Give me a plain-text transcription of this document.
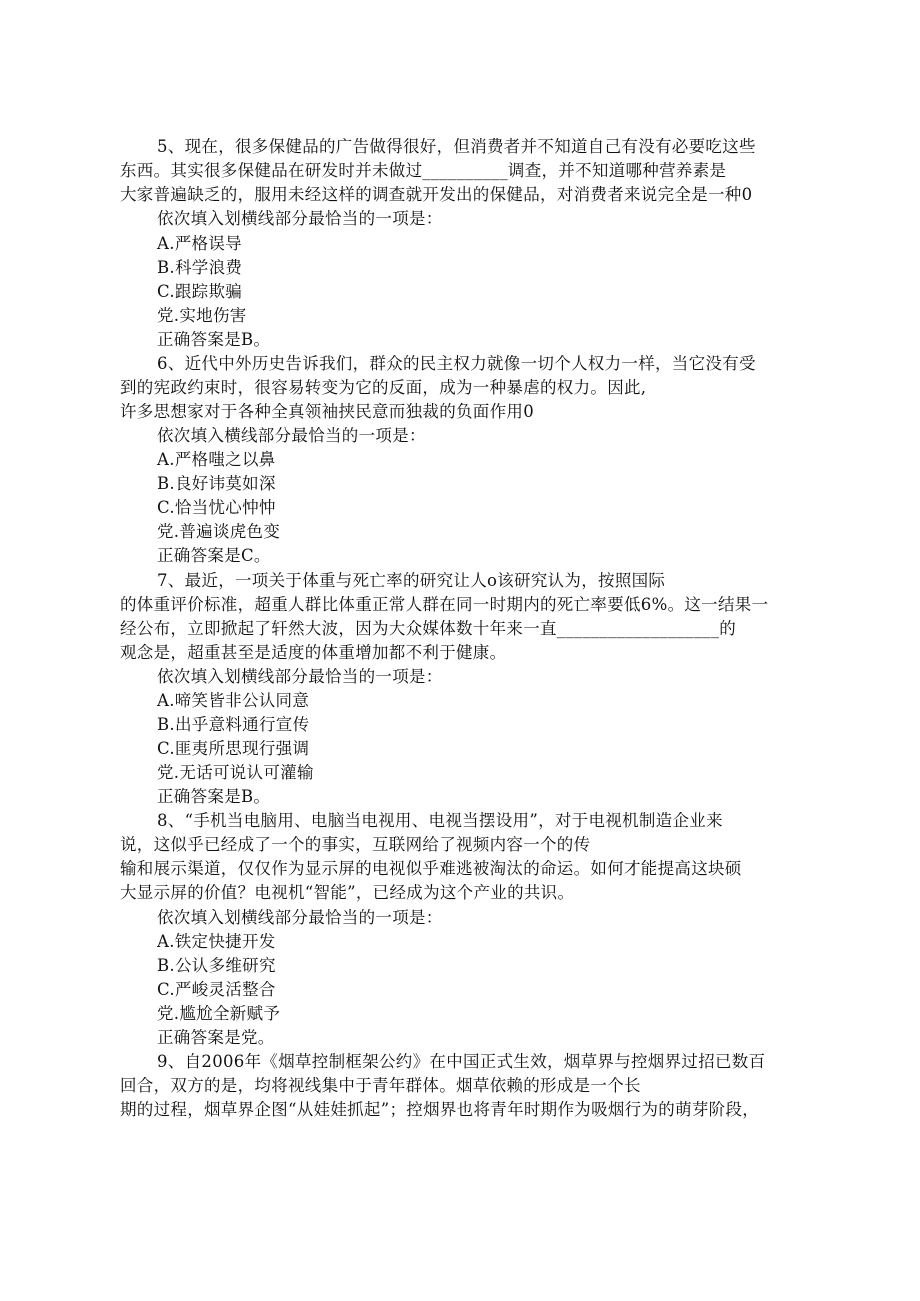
5、现在，很多保健品的广告做得很好，但消费者并不知道自己有没有必要吃这些
东西。其实很多保健品在研发时并未做过__________调查，并不知道哪种营养素是
大家普遍缺乏的，服用未经这样的调查就开发出的保健品，对消费者来说完全是一种0
依次填入划横线部分最恰当的一项是：
A.严格误导
B.科学浪费
C.跟踪欺骗
党.实地伤害
正确答案是B。
6、近代中外历史告诉我们，群众的民主权力就像一切个人权力一样，当它没有受
到的宪政约束时，很容易转变为它的反面，成为一种暴虐的权力。因此,
许多思想家对于各种全真领袖挟民意而独裁的负面作用0
依次填入横线部分最恰当的一项是：
A.严格嗤之以鼻
B.良好讳莫如深
C.恰当忧心忡忡
党.普遍谈虎色变
正确答案是C。
7、最近，一项关于体重与死亡率的研究让人o该研究认为，按照国际
的体重评价标准，超重人群比体重正常人群在同一时期内的死亡率要低6%。这一结果一
经公布，立即掀起了轩然大波，因为大众媒体数十年来一直___________________的
观念是，超重甚至是适度的体重增加都不利于健康。
依次填入划横线部分最恰当的一项是：
A.啼笑皆非公认同意
B.出乎意料通行宣传
C.匪夷所思现行强调
党.无话可说认可灌输
正确答案是B。
8、“手机当电脑用、电脑当电视用、电视当摆设用”，对于电视机制造企业来
说，这似乎已经成了一个的事实，互联网给了视频内容一个的传
输和展示渠道，仅仅作为显示屏的电视似乎难逃被淘汰的命运。如何才能提高这块硕
大显示屏的价值？电视机“智能”，已经成为这个产业的共识。
依次填入划横线部分最恰当的一项是：
A.铁定快捷开发
B.公认多维研究
C.严峻灵活整合
党.尴尬全新赋予
正确答案是党。
9、自2006年《烟草控制框架公约》在中国正式生效，烟草界与控烟界过招已数百
回合，双方的是，均将视线集中于青年群体。烟草依赖的形成是一个长
期的过程，烟草界企图“从娃娃抓起”；控烟界也将青年时期作为吸烟行为的萌芽阶段，
